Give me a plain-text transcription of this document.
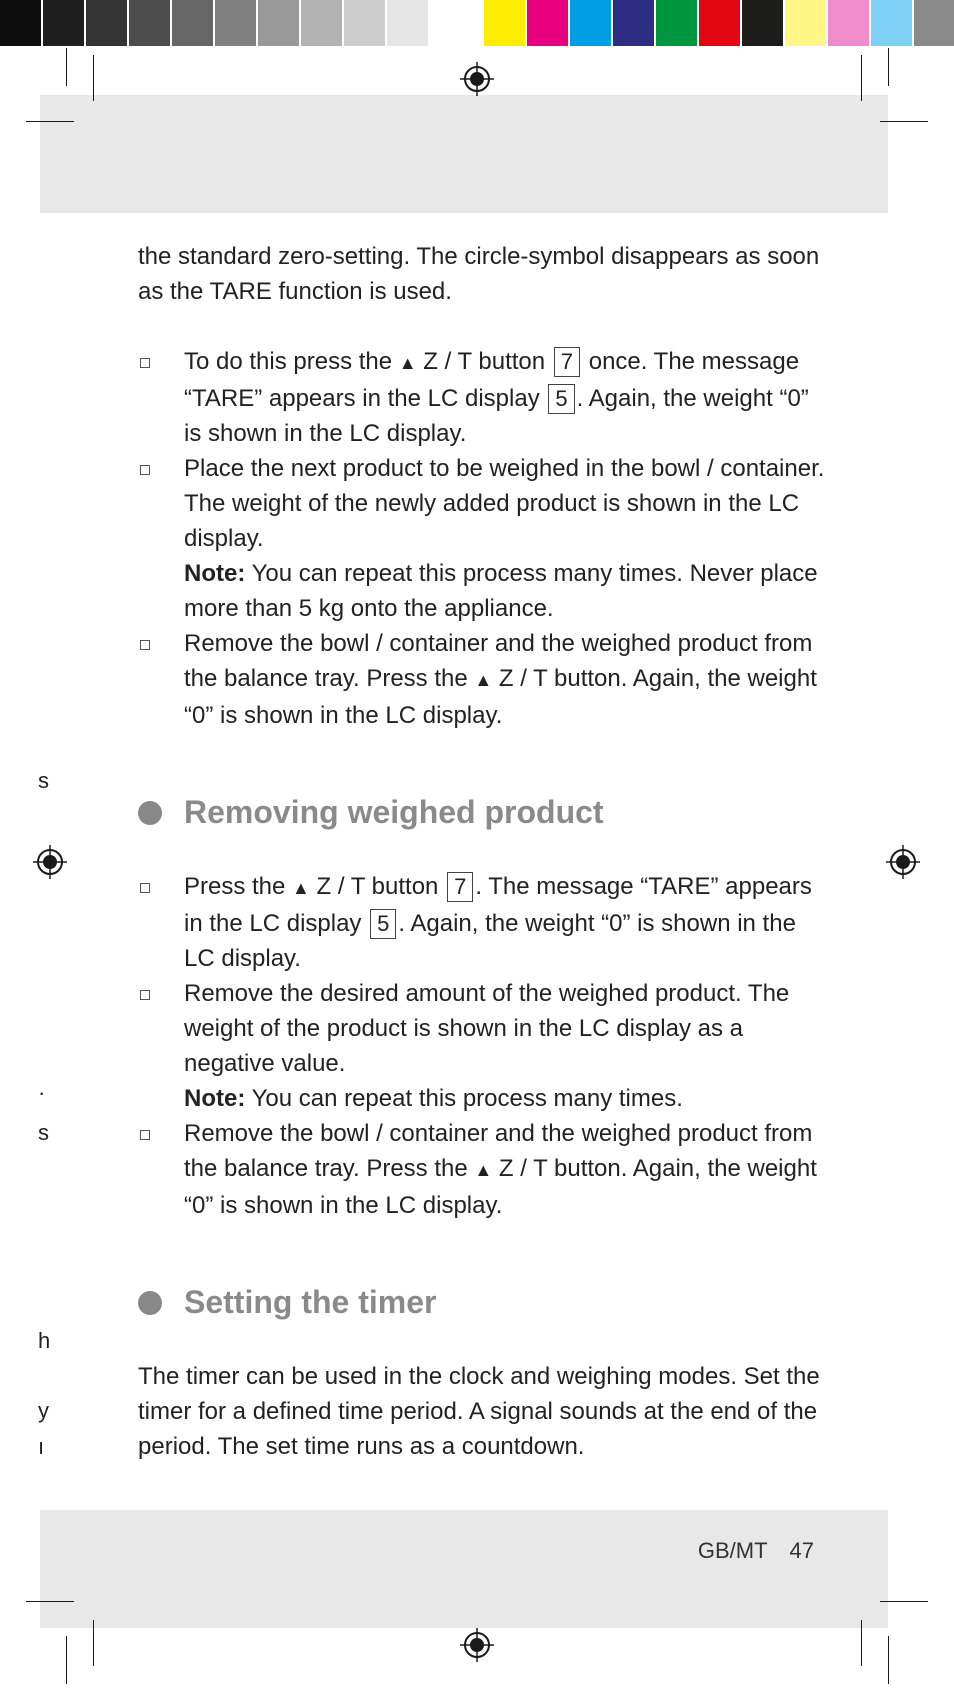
s
·
s
h
y
ı

the standard zero-setting. The circle-symbol disappears as soon as the TARE function is used.

To do this press the ▲ Z / T button 7 once. The message “TARE” appears in the LC display 5 . Again, the weight “0” is shown in the LC display.
Place the next product to be weighed in the bowl / container. The weight of the newly added product is shown in the LC display.
Note: You can repeat this process many times. Never place more than 5 kg onto the appliance.
Remove the bowl / container and the weighed product from the balance tray. Press the ▲ Z / T button. Again, the weight “0” is shown in the LC display.
Removing weighed product
Press the ▲ Z / T button 7 . The message “TARE” appears in the LC display 5 . Again, the weight “0” is shown in the LC display.
Remove the desired amount of the weighed product. The weight of the product is shown in the LC display as a negative value.
Note: You can repeat this process many times.
Remove the bowl / container and the weighed product from the balance tray. Press the ▲ Z / T button. Again, the weight “0” is shown in the LC display.
Setting the timer

The timer can be used in the clock and weighing modes. Set the timer for a defined time period. A signal sounds at the end of the period. The set time runs as a countdown.

GB/MT 47
